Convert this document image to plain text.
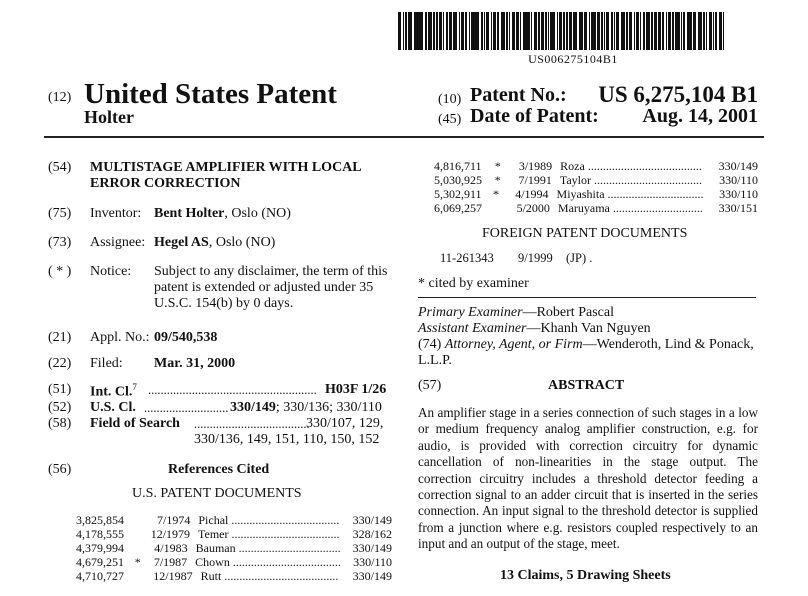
US006275104B1
(12) United States Patent
Holter
(10) Patent No.: US 6,275,104 B1
(45) Date of Patent: Aug. 14, 2001
(54) MULTISTAGE AMPLIFIER WITH LOCAL
ERROR CORRECTION
(75) Inventor: Bent Holter, Oslo (NO)
(73) Assignee: Hegel AS, Oslo (NO)
( * ) Notice: Subject to any disclaimer, the term of this
patent is extended or adjusted under 35
U.S.C. 154(b) by 0 days.
(21) Appl. No.: 09/540,538
(22) Filed: Mar. 31, 2000
(51) Int. Cl.$^7$ ...................................................... H03F 1/26
(52) U.S. Cl. ........................... 330/149; 330/136; 330/110
(58) Field of Search .....................................
330/107, 129,
330/136, 149, 151, 110, 150, 152
(56)	References Cited
U.S. PATENT DOCUMENTS
3,825,854	7/1974 Pichal ....................................	330/149
4,178,555	12/1979 Temer ....................................	328/162
4,379,994	4/1983 Bauman ..................................	330/149
4,679,251 *	7/1987 Chown ....................................	330/110
4,710,727	12/1987 Rutt ......................................	330/149
4,816,711	*	3/1989 Roza ......................................	330/149
5,030,925	*	7/1991 Taylor ....................................	330/110
5,302,911 *	4/1994 Miyashita ................................	330/110
6,069,257	5/2000 Maruyama ..............................	330/151
FOREIGN PATENT DOCUMENTS
11-261343 9/1999 (JP) .
* cited by examiner
Primary Examiner—Robert Pascal
Assistant Examiner—Khanh Van Nguyen
(74) Attorney, Agent, or Firm—Wenderoth, Lind & Ponack,
L.L.P.
(57)	ABSTRACT
An amplifier stage in a series connection of such stages in a low or medium frequency analog amplifier construction, e.g. for audio, is provided with correction circuitry for dynamic cancellation of non-linearities in the stage output. The correction circuitry includes a threshold detector feeding a correction signal to an adder circuit that is inserted in the series connection. An input signal to the threshold detector is supplied from a junction where e.g. resistors coupled respectively to an input and an output of the stage, meet.
13 Claims, 5 Drawing Sheets
